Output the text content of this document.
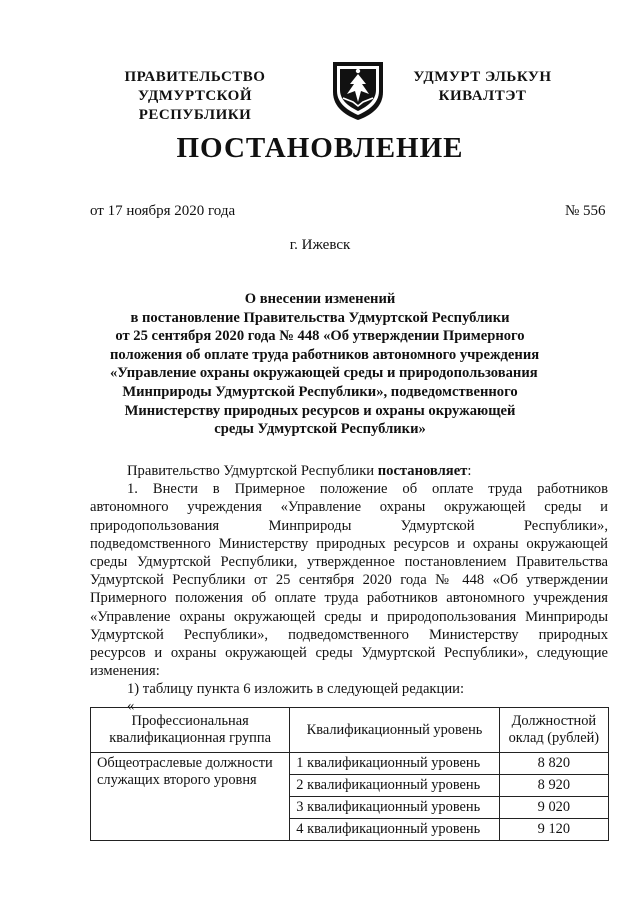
ПРАВИТЕЛЬСТВО
УДМУРТСКОЙ РЕСПУБЛИКИ
УДМУРТ ЭЛЬКУН
КИВАЛТЭТ
ПОСТАНОВЛЕНИЕ
от 17 ноября 2020 года	№ 556
г. Ижевск
О внесении изменений
в постановление Правительства Удмуртской Республики
от 25 сентября 2020 года № 448 «Об утверждении Примерного
положения об оплате труда работников автономного учреждения
«Управление охраны окружающей среды и природопользования
Минприроды Удмуртской Республики», подведомственного
Министерству природных ресурсов и охраны окружающей
среды Удмуртской Республики»
Правительство Удмуртской Республики постановляет:
1. Внести в Примерное положение об оплате труда работников
автономного учреждения «Управление охраны окружающей среды и
природопользования Минприроды Удмуртской Республики»,
подведомственного Министерству природных ресурсов и охраны окружающей
среды Удмуртской Республики, утвержденное постановлением Правительства
Удмуртской Республики от 25 сентября 2020 года № 448 «Об утверждении
Примерного положения об оплате труда работников автономного учреждения
«Управление охраны окружающей среды и природопользования Минприроды
Удмуртской Республики», подведомственного Министерству природных
ресурсов и охраны окружающей среды Удмуртской Республики», следующие
изменения:
1) таблицу пункта 6 изложить в следующей редакции:
«
Профессиональная квалификационная группа	Квалификационный уровень	Должностной оклад (рублей)
Общеотраслевые должности служащих второго уровня	1 квалификационный уровень	8 820
	2 квалификационный уровень	8 920
	3 квалификационный уровень	9 020
	4 квалификационный уровень	9 120
